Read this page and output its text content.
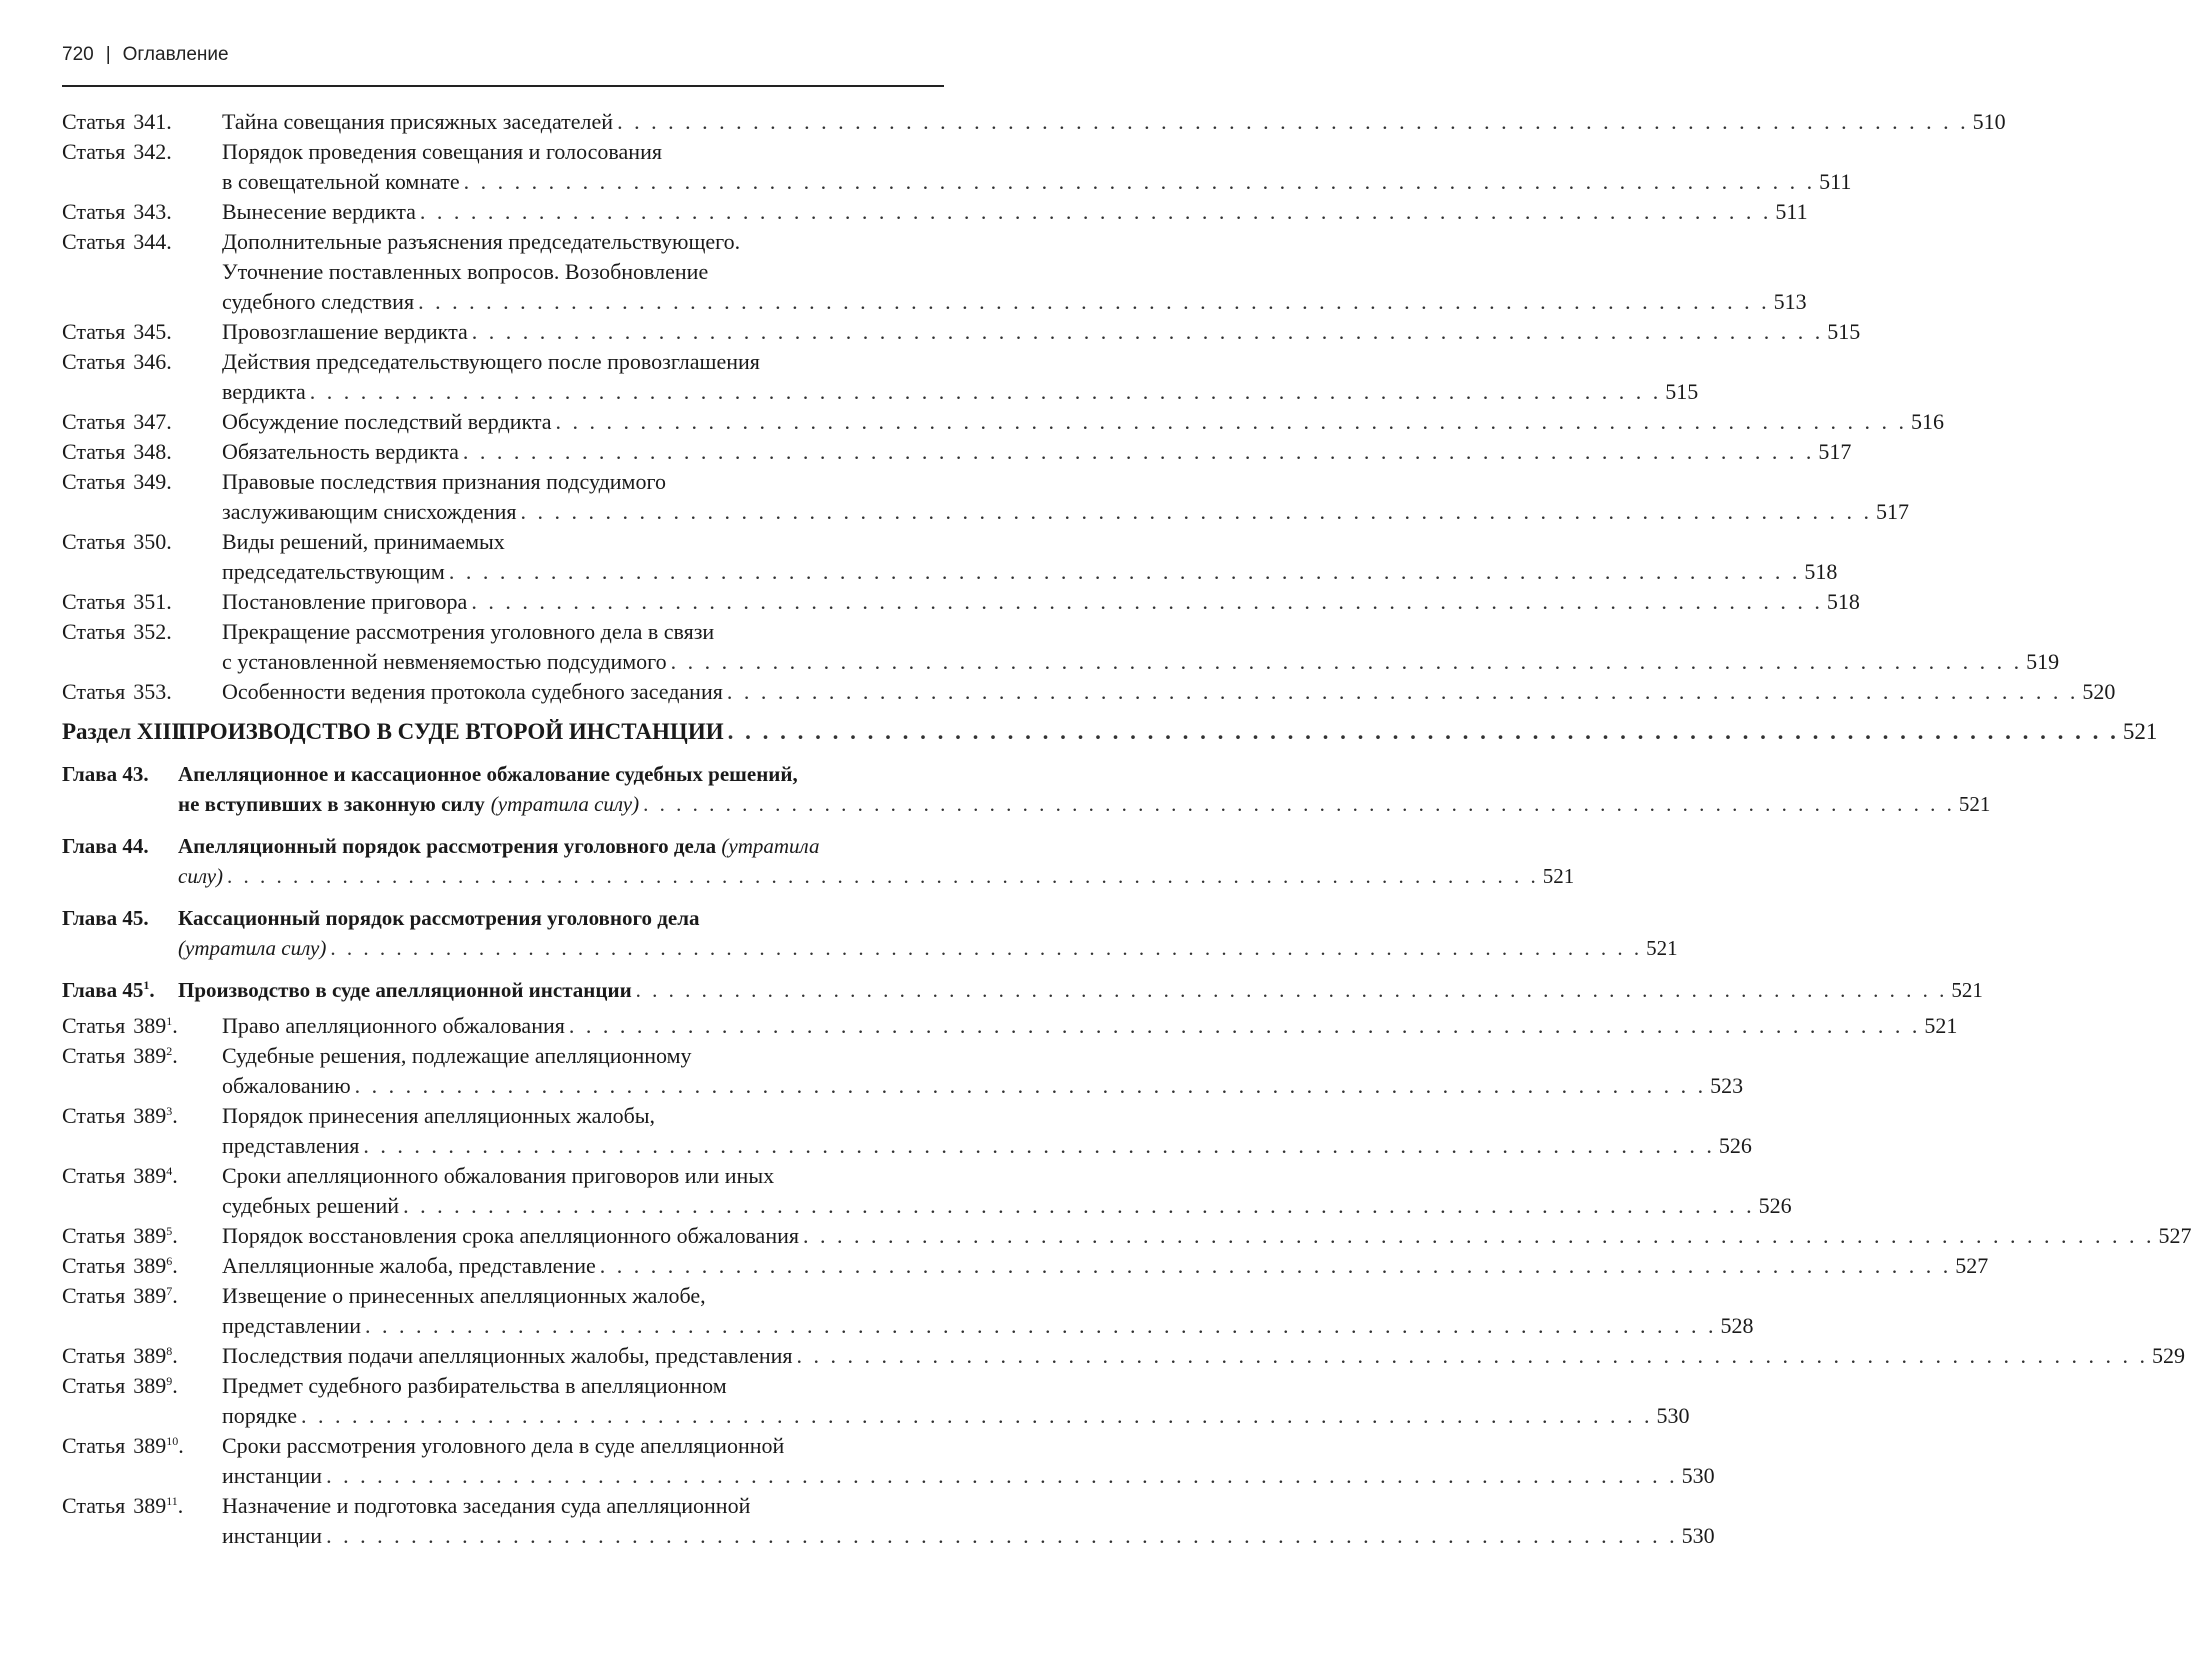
720 | Оглавление
Статья 341.	Тайна совещания присяжных заседателей . . . . . . . . . . . . . . . . . . . . . . . . . . . . . . . . . . . . . . . . . . . . . . . . . . . . . . . . . . . . . . . . . . . . . . . . . . . . . . . . 510
Статья 342.	Порядок проведения совещания и голосования
в совещательной комнате . . . . . . . . . . . . . . . . . . . . . . . . . . . . . . . . . . . . . . . . . . . . . . . . . . . . . . . . . . . . . . . . . . . . . . . . . . . . . . . . 511
Статья 343.	Вынесение вердикта . . . . . . . . . . . . . . . . . . . . . . . . . . . . . . . . . . . . . . . . . . . . . . . . . . . . . . . . . . . . . . . . . . . . . . . . . . . . . . . . 511
Статья 344.	Дополнительные разъяснения председательствующего.
Уточнение поставленных вопросов. Возобновление
судебного следствия . . . . . . . . . . . . . . . . . . . . . . . . . . . . . . . . . . . . . . . . . . . . . . . . . . . . . . . . . . . . . . . . . . . . . . . . . . . . . . . . 513
Статья 345.	Провозглашение вердикта . . . . . . . . . . . . . . . . . . . . . . . . . . . . . . . . . . . . . . . . . . . . . . . . . . . . . . . . . . . . . . . . . . . . . . . . . . . . . . . . 515
Статья 346.	Действия председательствующего после провозглашения
вердикта . . . . . . . . . . . . . . . . . . . . . . . . . . . . . . . . . . . . . . . . . . . . . . . . . . . . . . . . . . . . . . . . . . . . . . . . . . . . . . . . 515
Статья 347.	Обсуждение последствий вердикта . . . . . . . . . . . . . . . . . . . . . . . . . . . . . . . . . . . . . . . . . . . . . . . . . . . . . . . . . . . . . . . . . . . . . . . . . . . . . . . . 516
Статья 348.	Обязательность вердикта . . . . . . . . . . . . . . . . . . . . . . . . . . . . . . . . . . . . . . . . . . . . . . . . . . . . . . . . . . . . . . . . . . . . . . . . . . . . . . . . 517
Статья 349.	Правовые последствия признания подсудимого
заслуживающим снисхождения . . . . . . . . . . . . . . . . . . . . . . . . . . . . . . . . . . . . . . . . . . . . . . . . . . . . . . . . . . . . . . . . . . . . . . . . . . . . . . . . 517
Статья 350.	Виды решений, принимаемых
председательствующим . . . . . . . . . . . . . . . . . . . . . . . . . . . . . . . . . . . . . . . . . . . . . . . . . . . . . . . . . . . . . . . . . . . . . . . . . . . . . . . . 518
Статья 351.	Постановление приговора . . . . . . . . . . . . . . . . . . . . . . . . . . . . . . . . . . . . . . . . . . . . . . . . . . . . . . . . . . . . . . . . . . . . . . . . . . . . . . . . 518
Статья 352.	Прекращение рассмотрения уголовного дела в связи
с установленной невменяемостью подсудимого . . . . . . . . . . . . . . . . . . . . . . . . . . . . . . . . . . . . . . . . . . . . . . . . . . . . . . . . . . . . . . . . . . . . . . . . . . . . . . . . 519
Статья 353.	Особенности ведения протокола судебного заседания . . . . . . . . . . . . . . . . . . . . . . . . . . . . . . . . . . . . . . . . . . . . . . . . . . . . . . . . . . . . . . . . . . . . . . . . . . . . . . . . 520
Раздел XIII.
ПРОИЗВОДСТВО В СУДЕ ВТОРОЙ ИНСТАНЦИИ . . . . . . . . . . . . . . . . . . . . . . . . . . . . . . . . . . . . . . . . . . . . . . . . . . . . . . . . . . . . . . . . . . . . . . . . . . . . . . . . 521
Глава 43.	Апелляционное и кассационное обжалование судебных решений,
не вступивших в законную силу (утратила силу) . . . . . . . . . . . . . . . . . . . . . . . . . . . . . . . . . . . . . . . . . . . . . . . . . . . . . . . . . . . . . . . . . . . . . . . . . . . . . . . . 521
Глава 44.	Апелляционный порядок рассмотрения уголовного дела (утратила
силу) . . . . . . . . . . . . . . . . . . . . . . . . . . . . . . . . . . . . . . . . . . . . . . . . . . . . . . . . . . . . . . . . . . . . . . . . . . . . . . . . 521
Глава 45.	Кассационный порядок рассмотрения уголовного дела
(утратила силу) . . . . . . . . . . . . . . . . . . . . . . . . . . . . . . . . . . . . . . . . . . . . . . . . . . . . . . . . . . . . . . . . . . . . . . . . . . . . . . . . 521
Глава $45^1$.	Производство в суде апелляционной инстанции . . . . . . . . . . . . . . . . . . . . . . . . . . . . . . . . . . . . . . . . . . . . . . . . . . . . . . . . . . . . . . . . . . . . . . . . . . . . . . . . 521
Статья $389^1$.	Право апелляционного обжалования . . . . . . . . . . . . . . . . . . . . . . . . . . . . . . . . . . . . . . . . . . . . . . . . . . . . . . . . . . . . . . . . . . . . . . . . . . . . . . . . 521
Статья $389^2$.	Судебные решения, подлежащие апелляционному
обжалованию . . . . . . . . . . . . . . . . . . . . . . . . . . . . . . . . . . . . . . . . . . . . . . . . . . . . . . . . . . . . . . . . . . . . . . . . . . . . . . . . 523
Статья $389^3$.	Порядок принесения апелляционных жалобы,
представления . . . . . . . . . . . . . . . . . . . . . . . . . . . . . . . . . . . . . . . . . . . . . . . . . . . . . . . . . . . . . . . . . . . . . . . . . . . . . . . . 526
Статья $389^4$.	Сроки апелляционного обжалования приговоров или иных
судебных решений . . . . . . . . . . . . . . . . . . . . . . . . . . . . . . . . . . . . . . . . . . . . . . . . . . . . . . . . . . . . . . . . . . . . . . . . . . . . . . . . 526
Статья $389^5$.	Порядок восстановления срока апелляционного обжалования . . . . . . . . . . . . . . . . . . . . . . . . . . . . . . . . . . . . . . . . . . . . . . . . . . . . . . . . . . . . . . . . . . . . . . . . . . . . . . . . 527
Статья $389^6$.	Апелляционные жалоба, представление . . . . . . . . . . . . . . . . . . . . . . . . . . . . . . . . . . . . . . . . . . . . . . . . . . . . . . . . . . . . . . . . . . . . . . . . . . . . . . . . 527
Статья $389^7$.	Извещение о принесенных апелляционных жалобе,
представлении . . . . . . . . . . . . . . . . . . . . . . . . . . . . . . . . . . . . . . . . . . . . . . . . . . . . . . . . . . . . . . . . . . . . . . . . . . . . . . . . 528
Статья $389^8$.	Последствия подачи апелляционных жалобы, представления . . . . . . . . . . . . . . . . . . . . . . . . . . . . . . . . . . . . . . . . . . . . . . . . . . . . . . . . . . . . . . . . . . . . . . . . . . . . . . . . 529
Статья $389^9$.	Предмет судебного разбирательства в апелляционном
порядке . . . . . . . . . . . . . . . . . . . . . . . . . . . . . . . . . . . . . . . . . . . . . . . . . . . . . . . . . . . . . . . . . . . . . . . . . . . . . . . . 530
Статья $389^{10}$.	Сроки рассмотрения уголовного дела в суде апелляционной
инстанции . . . . . . . . . . . . . . . . . . . . . . . . . . . . . . . . . . . . . . . . . . . . . . . . . . . . . . . . . . . . . . . . . . . . . . . . . . . . . . . . 530
Статья $389^{11}$.	Назначение и подготовка заседания суда апелляционной
инстанции . . . . . . . . . . . . . . . . . . . . . . . . . . . . . . . . . . . . . . . . . . . . . . . . . . . . . . . . . . . . . . . . . . . . . . . . . . . . . . . . 530
